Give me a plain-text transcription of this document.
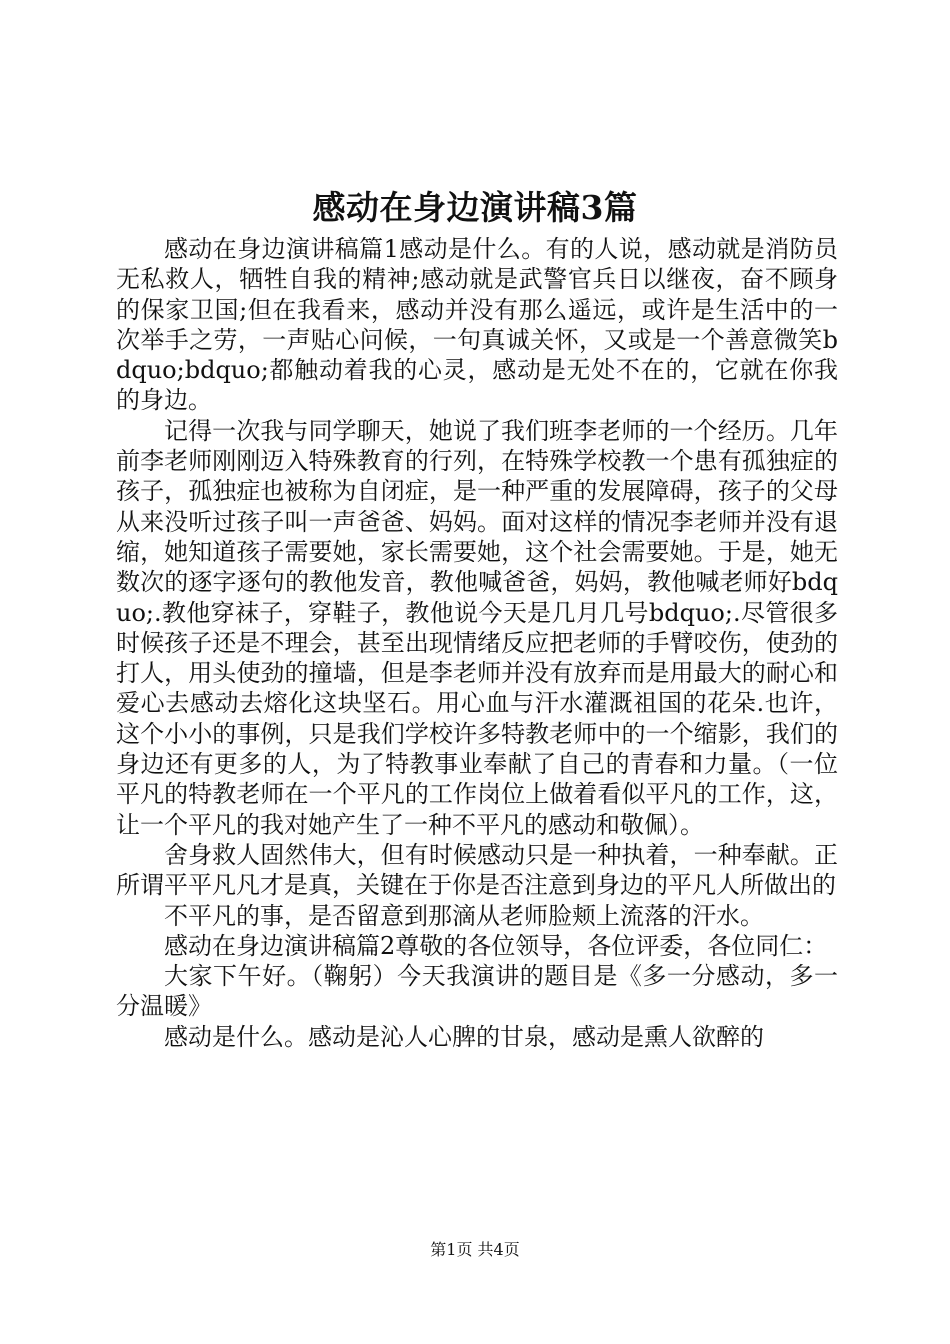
感动在身边演讲稿3篇

感动在身边演讲稿篇1感动是什么。有的人说，感动就是消防员无私救人，牺牲自我的精神;感动就是武警官兵日以继夜，奋不顾身的保家卫国;但在我看来，感动并没有那么遥远，或许是生活中的一次举手之劳，一声贴心问候，一句真诚关怀，又或是一个善意微笑bdquo;bdquo;都触动着我的心灵，感动是无处不在的，它就在你我的身边。

记得一次我与同学聊天，她说了我们班李老师的一个经历。几年前李老师刚刚迈入特殊教育的行列，在特殊学校教一个患有孤独症的孩子，孤独症也被称为自闭症，是一种严重的发展障碍，孩子的父母从来没听过孩子叫一声爸爸、妈妈。面对这样的情况李老师并没有退缩，她知道孩子需要她，家长需要她，这个社会需要她。于是，她无数次的逐字逐句的教他发音，教他喊爸爸，妈妈，教他喊老师好bdquo;.教他穿袜子，穿鞋子，教他说今天是几月几号bdquo;.尽管很多时候孩子还是不理会，甚至出现情绪反应把老师的手臂咬伤，使劲的打人，用头使劲的撞墙，但是李老师并没有放弃而是用最大的耐心和爱心去感动去熔化这块坚石。用心血与汗水灌溉祖国的花朵.也许，这个小小的事例，只是我们学校许多特教老师中的一个缩影，我们的身边还有更多的人，为了特教事业奉献了自己的青春和力量。（一位平凡的特教老师在一个平凡的工作岗位上做着看似平凡的工作，这，让一个平凡的我对她产生了一种不平凡的感动和敬佩）。

舍身救人固然伟大，但有时候感动只是一种执着，一种奉献。正所谓平平凡凡才是真，关键在于你是否注意到身边的平凡人所做出的

不平凡的事，是否留意到那滴从老师脸颊上流落的汗水。

感动在身边演讲稿篇2尊敬的各位领导，各位评委，各位同仁：

大家下午好。（鞠躬）今天我演讲的题目是《多一分感动，多一分温暖》

感动是什么。感动是沁人心脾的甘泉，感动是熏人欲醉的

第1页 共4页
